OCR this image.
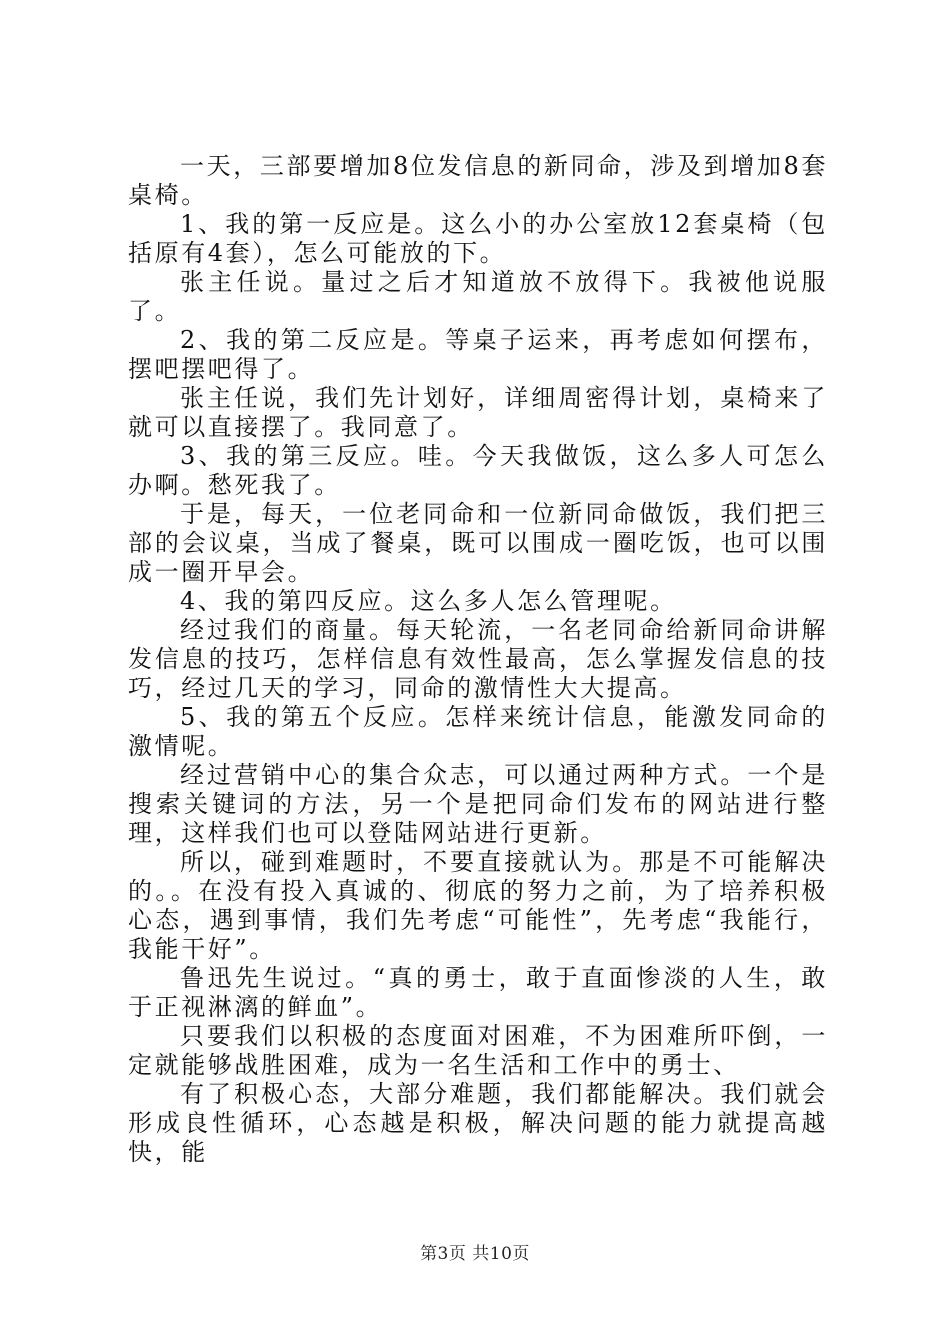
一天，三部要增加8位发信息的新同命，涉及到增加8套桌椅。

1、我的第一反应是。这么小的办公室放12套桌椅（包括原有4套），怎么可能放的下。

张主任说。量过之后才知道放不放得下。我被他说服了。

2、我的第二反应是。等桌子运来，再考虑如何摆布，摆吧摆吧得了。

张主任说，我们先计划好，详细周密得计划，桌椅来了就可以直接摆了。我同意了。

3、我的第三反应。哇。今天我做饭，这么多人可怎么办啊。愁死我了。

于是，每天，一位老同命和一位新同命做饭，我们把三部的会议桌，当成了餐桌，既可以围成一圈吃饭，也可以围成一圈开早会。

4、我的第四反应。这么多人怎么管理呢。

经过我们的商量。每天轮流，一名老同命给新同命讲解发信息的技巧，怎样信息有效性最高，怎么掌握发信息的技巧，经过几天的学习，同命的激情性大大提高。

5、我的第五个反应。怎样来统计信息，能激发同命的激情呢。

经过营销中心的集合众志，可以通过两种方式。一个是搜索关键词的方法，另一个是把同命们发布的网站进行整理，这样我们也可以登陆网站进行更新。

所以，碰到难题时，不要直接就认为。那是不可能解决的。。在没有投入真诚的、彻底的努力之前，为了培养积极心态，遇到事情，我们先考虑“可能性”，先考虑“我能行，我能干好”。

鲁迅先生说过。“真的勇士，敢于直面惨淡的人生，敢于正视淋漓的鲜血”。

只要我们以积极的态度面对困难，不为困难所吓倒，一定就能够战胜困难，成为一名生活和工作中的勇士、

有了积极心态，大部分难题，我们都能解决。我们就会形成良性循环，心态越是积极，解决问题的能力就提高越快，能

第3页 共10页
